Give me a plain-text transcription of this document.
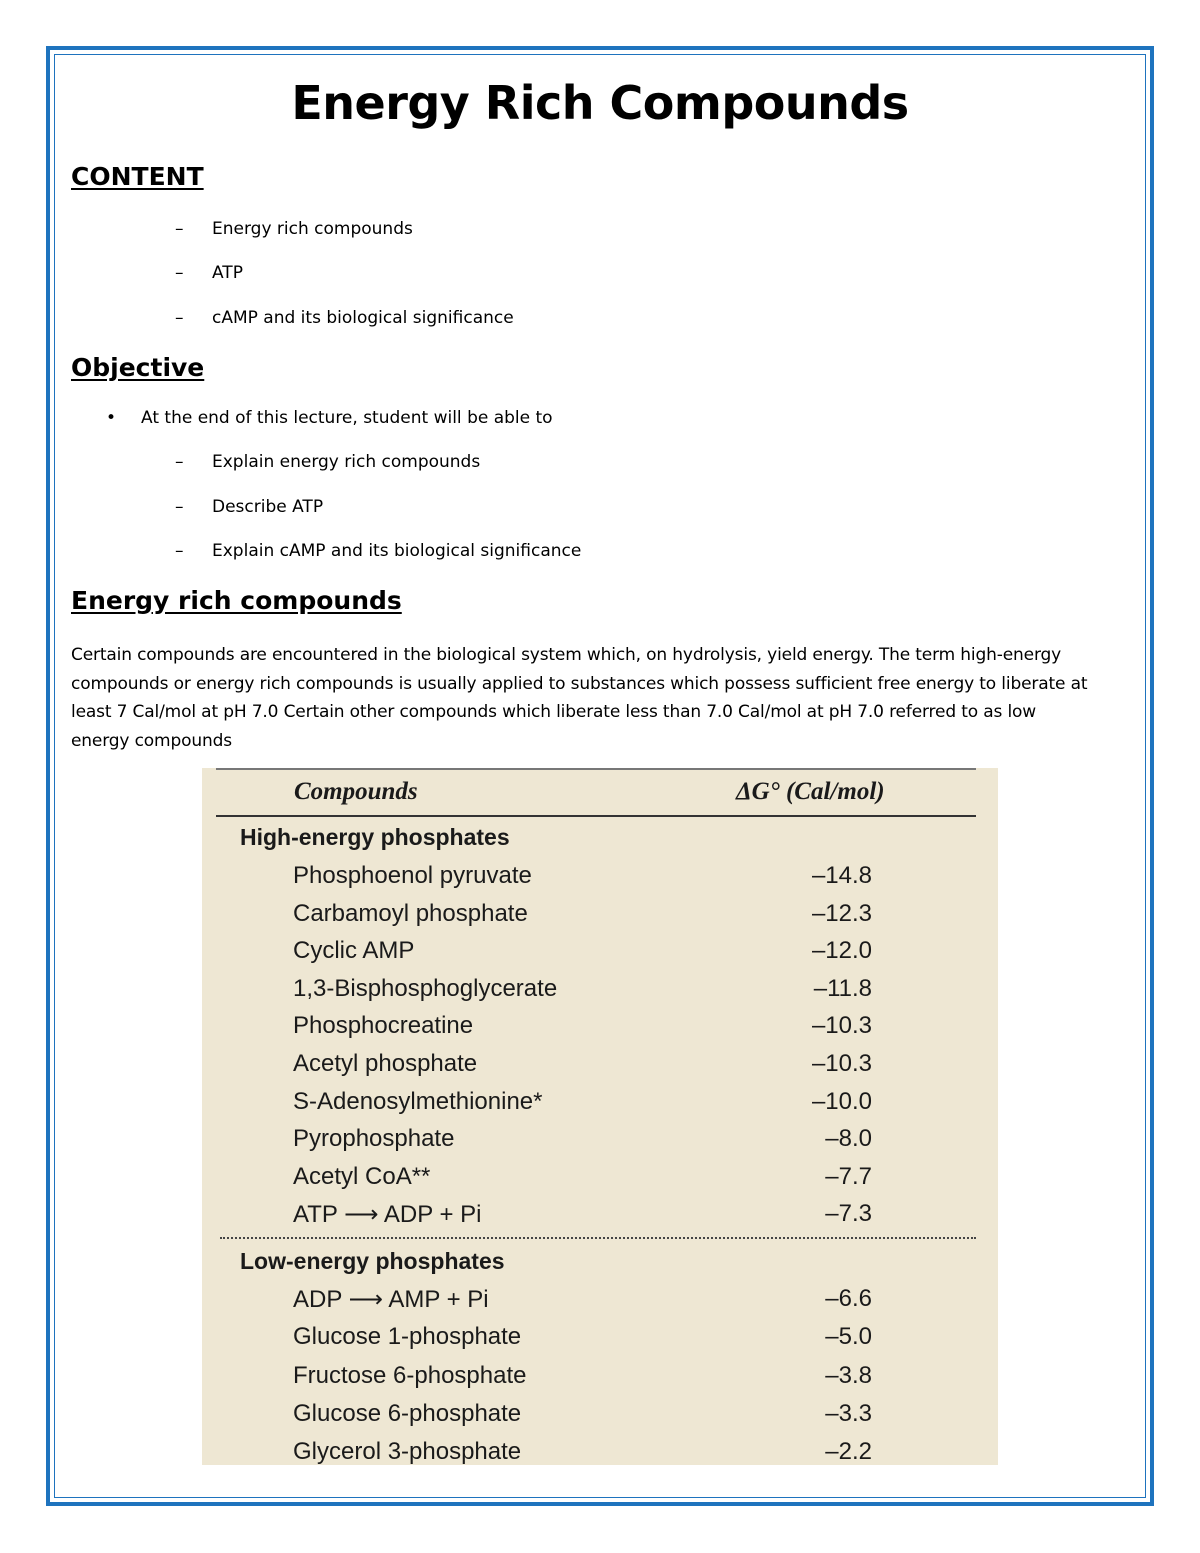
Energy Rich Compounds
CONTENT
– Energy rich compounds
– ATP
– cAMP and its biological significance
Objective
• At the end of this lecture, student will be able to
– Explain energy rich compounds
– Describe ATP
– Explain cAMP and its biological significance
Energy rich compounds

Certain compounds are encountered in the biological system which, on hydrolysis, yield energy. The term high-energy

compounds or energy rich compounds is usually applied to substances which possess sufficient free energy to liberate at

least 7 Cal/mol at pH 7.0 Certain other compounds which liberate less than 7.0 Cal/mol at pH 7.0 referred to as low

energy compounds

Compounds	ΔG° (Cal/mol)
High-energy phosphates
Phosphoenol pyruvate	–14.8
Carbamoyl phosphate	–12.3
Cyclic AMP	–12.0
1,3-Bisphosphoglycerate	–11.8
Phosphocreatine	–10.3
Acetyl phosphate	–10.3
S-Adenosylmethionine*	–10.0
Pyrophosphate	–8.0
Acetyl CoA**	–7.7
ATP ⟶ ADP + Pi	–7.3
Low-energy phosphates
ADP ⟶ AMP + Pi	–6.6
Glucose 1-phosphate	–5.0
Fructose 6-phosphate	–3.8
Glucose 6-phosphate	–3.3
Glycerol 3-phosphate	–2.2
